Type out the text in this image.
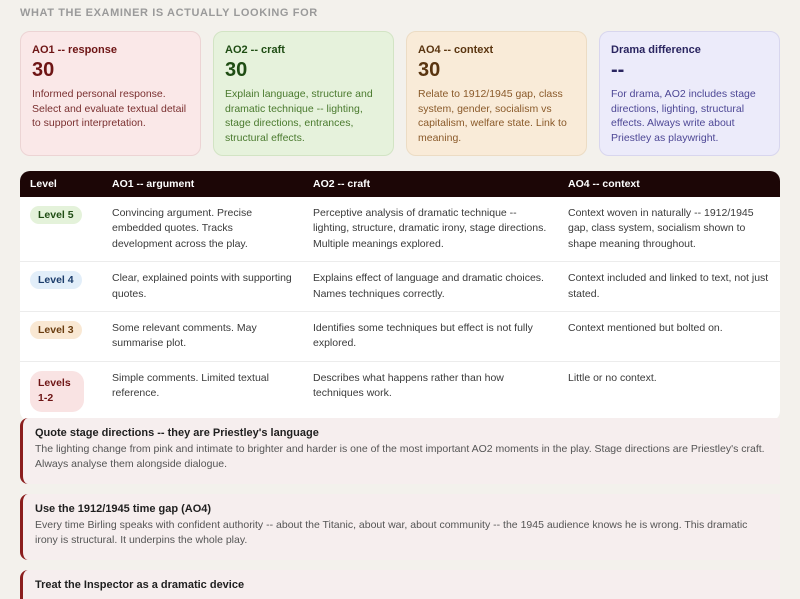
WHAT THE EXAMINER IS ACTUALLY LOOKING FOR
AO1 -- response
30
Informed personal response. Select and evaluate textual detail to support interpretation.
AO2 -- craft
30
Explain language, structure and dramatic technique -- lighting, stage directions, entrances, structural effects.
AO4 -- context
30
Relate to 1912/1945 gap, class system, gender, socialism vs capitalism, welfare state. Link to meaning.
Drama difference
--
For drama, AO2 includes stage directions, lighting, structural effects. Always write about Priestley as playwright.
Level	AO1 -- argument	AO2 -- craft	AO4 -- context
Level 5	Convincing argument. Precise embedded quotes. Tracks development across the play.	Perceptive analysis of dramatic technique -- lighting, structure, dramatic irony, stage directions. Multiple meanings explored.	Context woven in naturally -- 1912/1945 gap, class system, socialism shown to shape meaning throughout.
Level 4	Clear, explained points with supporting quotes.	Explains effect of language and dramatic choices. Names techniques correctly.	Context included and linked to text, not just stated.
Level 3	Some relevant comments. May summarise plot.	Identifies some techniques but effect is not fully explored.	Context mentioned but bolted on.
Levels 1-2	Simple comments. Limited textual reference.	Describes what happens rather than how techniques work.	Little or no context.
Quote stage directions -- they are Priestley's language
The lighting change from pink and intimate to brighter and harder is one of the most important AO2 moments in the play. Stage directions are Priestley's craft. Always analyse them alongside dialogue.
Use the 1912/1945 time gap (AO4)
Every time Birling speaks with confident authority -- about the Titanic, about war, about community -- the 1945 audience knows he is wrong. This dramatic irony is structural. It underpins the whole play.
Treat the Inspector as a dramatic device
